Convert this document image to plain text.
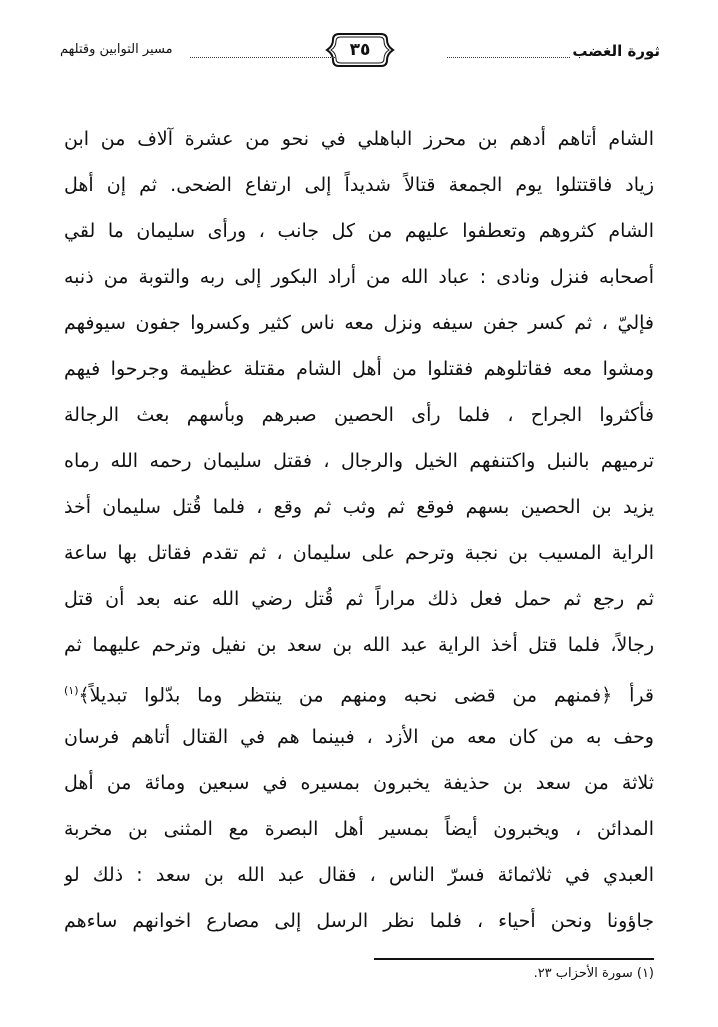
ثورة الغضب
٣٥
مسير التوابين وقتلهم
الشام أتاهم أدهم بن محرز الباهلي في نحو من عشرة آلاف من ابن
زياد فاقتتلوا يوم الجمعة قتالاً شديداً إلى ارتفاع الضحى. ثم إن أهل
الشام كثروهم وتعطفوا عليهم من كل جانب ، ورأى سليمان ما لقي
أصحابه فنزل ونادى : عباد الله من أراد البكور إلى ربه والتوبة من ذنبه
فإليّ ، ثم كسر جفن سيفه ونزل معه ناس كثير وكسروا جفون سيوفهم
ومشوا معه فقاتلوهم فقتلوا من أهل الشام مقتلة عظيمة وجرحوا فيهم
فأكثروا الجراح ، فلما رأى الحصين صبرهم وبأسهم بعث الرجالة
ترميهم بالنبل واكتنفهم الخيل والرجال ، فقتل سليمان رحمه الله رماه
يزيد بن الحصين بسهم فوقع ثم وثب ثم وقع ، فلما قُتل سليمان أخذ
الراية المسيب بن نجبة وترحم على سليمان ، ثم تقدم فقاتل بها ساعة
ثم رجع ثم حمل فعل ذلك مراراً ثم قُتل رضي الله عنه بعد أن قتل
رجالاً، فلما قتل أخذ الراية عبد الله بن سعد بن نفيل وترحم عليهما ثم
قرأ ﴿فمنهم من قضى نحبه ومنهم من ينتظر وما بدّلوا تبديلاً﴾$^{(١)}$
وحف به من كان معه من الأزد ، فبينما هم في القتال أتاهم فرسان
ثلاثة من سعد بن حذيفة يخبرون بمسيره في سبعين ومائة من أهل
المدائن ، ويخبرون أيضاً بمسير أهل البصرة مع المثنى بن مخربة
العبدي في ثلاثمائة فسرّ الناس ، فقال عبد الله بن سعد : ذلك لو
جاؤونا ونحن أحياء ، فلما نظر الرسل إلى مصارع اخوانهم ساءهم
(١) سورة الأحزاب ٢٣.
